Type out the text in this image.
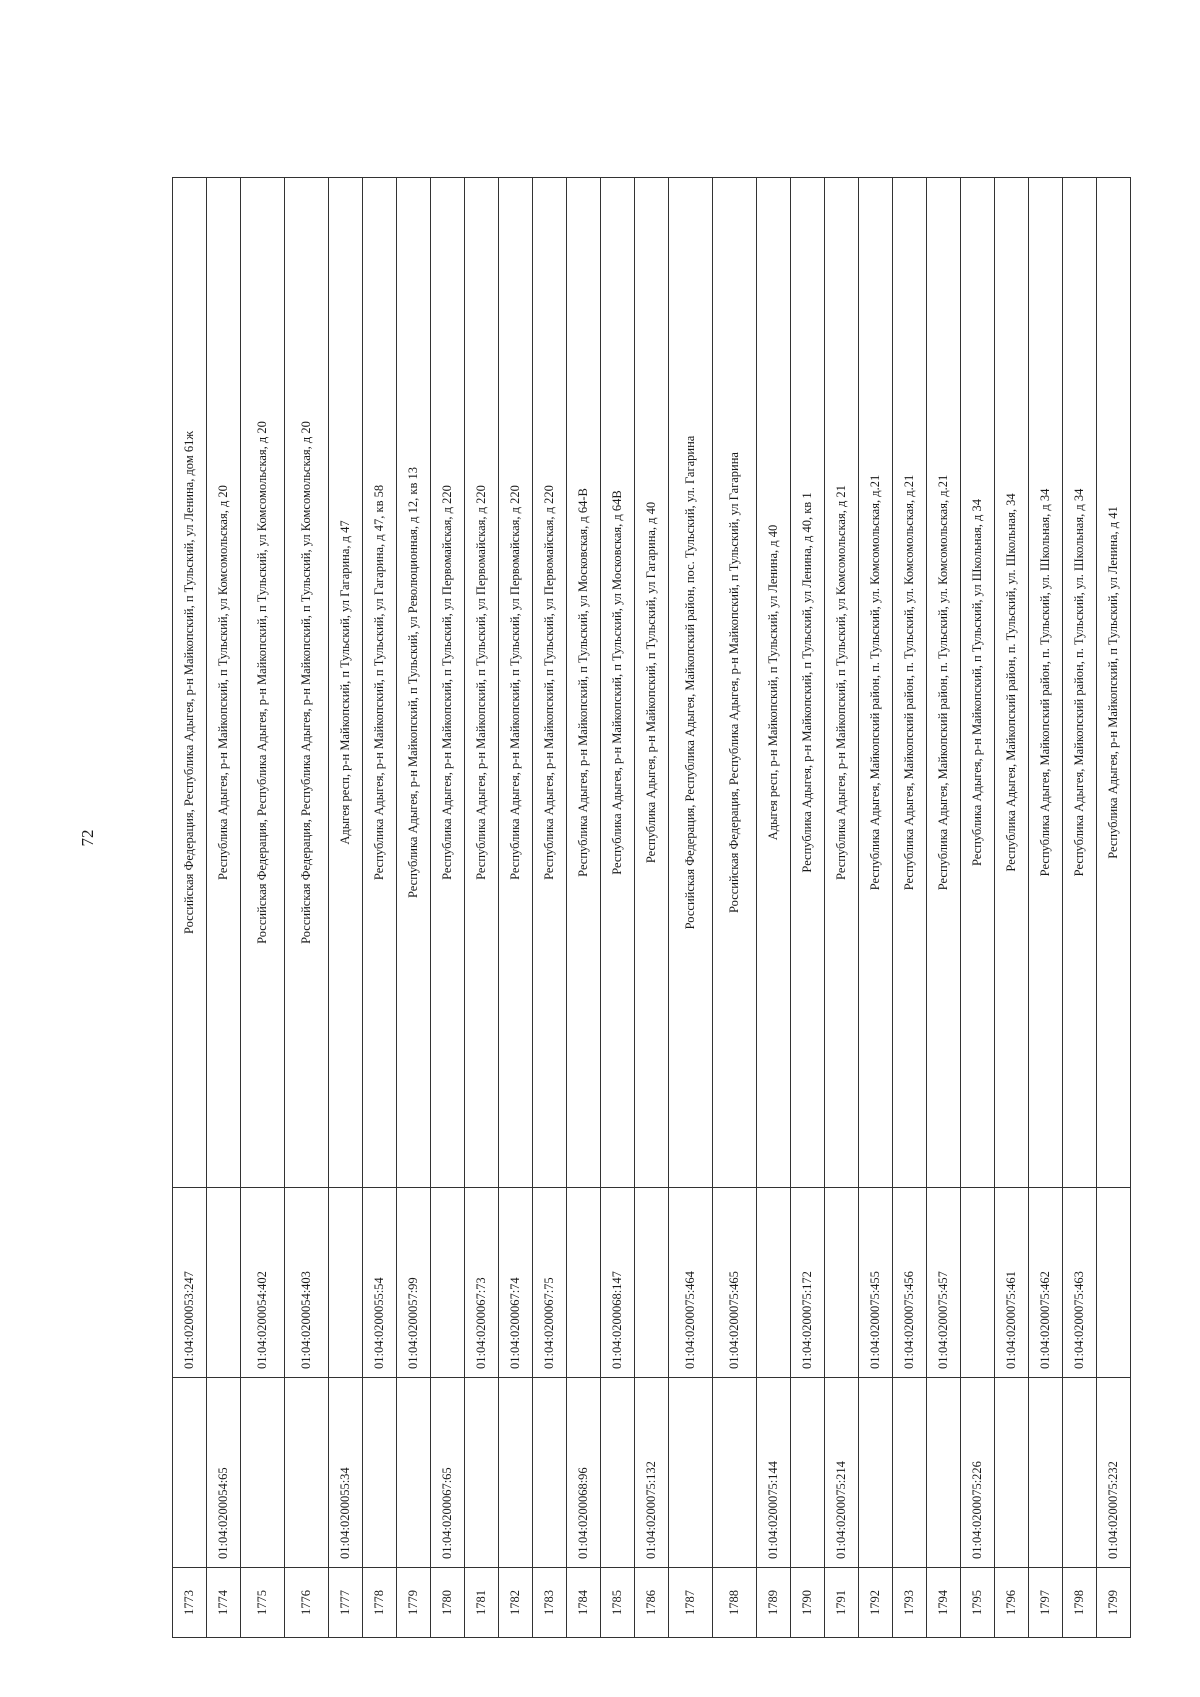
72
1773		01:04:0200053:247	Российская Федерация, Республика Адыгея, р-н Майкопский, п Тульский, ул Ленина, дом 61ж
1774	01:04:0200054:65		Республика Адыгея, р-н Майкопский, п Тульский, ул Комсомольская, д 20
1775		01:04:0200054:402	Российская Федерация, Республика Адыгея, р-н Майкопский, п Тульский, ул Комсомольская, д 20
1776		01:04:0200054:403	Российская Федерация, Республика Адыгея, р-н Майкопский, п Тульский, ул Комсомольская, д 20
1777	01:04:0200055:34		Адыгея респ, р-н Майкопский, п Тульский, ул Гагарина, д 47
1778		01:04:0200055:54	Республика Адыгея, р-н Майкопский, п Тульский, ул Гагарина, д 47, кв 58
1779		01:04:0200057:99	Республика Адыгея, р-н Майкопский, п Тульский, ул Революционная, д 12, кв 13
1780	01:04:0200067:65		Республика Адыгея, р-н Майкопский, п Тульский, ул Первомайская, д 220
1781		01:04:0200067:73	Республика Адыгея, р-н Майкопский, п Тульский, ул Первомайская, д 220
1782		01:04:0200067:74	Республика Адыгея, р-н Майкопский, п Тульский, ул Первомайская, д 220
1783		01:04:0200067:75	Республика Адыгея, р-н Майкопский, п Тульский, ул Первомайская, д 220
1784	01:04:0200068:96		Республика Адыгея, р-н Майкопский, п Тульский, ул Московская, д 64-В
1785		01:04:0200068:147	Республика Адыгея, р-н Майкопский, п Тульский, ул Московская, д 64В
1786	01:04:0200075:132		Республика Адыгея, р-н Майкопский, п Тульский, ул Гагарина, д 40
1787		01:04:0200075:464	Российская Федерация, Республика Адыгея, Майкопский район, пос. Тульский, ул. Гагарина
1788		01:04:0200075:465	Российская Федерация, Республика Адыгея, р-н Майкопский, п Тульский, ул Гагарина
1789	01:04:0200075:144		Адыгея респ, р-н Майкопский, п Тульский, ул Ленина, д 40
1790		01:04:0200075:172	Республика Адыгея, р-н Майкопский, п Тульский, ул Ленина, д 40, кв 1
1791	01:04:0200075:214		Республика Адыгея, р-н Майкопский, п Тульский, ул Комсомольская, д 21
1792		01:04:0200075:455	Республика Адыгея, Майкопский район, п. Тульский, ул. Комсомольская, д.21
1793		01:04:0200075:456	Республика Адыгея, Майкопский район, п. Тульский, ул. Комсомольская, д.21
1794		01:04:0200075:457	Республика Адыгея, Майкопский район, п. Тульский, ул. Комсомольская, д.21
1795	01:04:0200075:226		Республика Адыгея, р-н Майкопский, п Тульский, ул Школьная, д 34
1796		01:04:0200075:461	Республика Адыгея, Майкопский район, п. Тульский, ул. Школьная, 34
1797		01:04:0200075:462	Республика Адыгея, Майкопский район, п. Тульский, ул. Школьная, д 34
1798		01:04:0200075:463	Республика Адыгея, Майкопский район, п. Тульский, ул. Школьная, д 34
1799	01:04:0200075:232		Республика Адыгея, р-н Майкопский, п Тульский, ул Ленина, д 41
